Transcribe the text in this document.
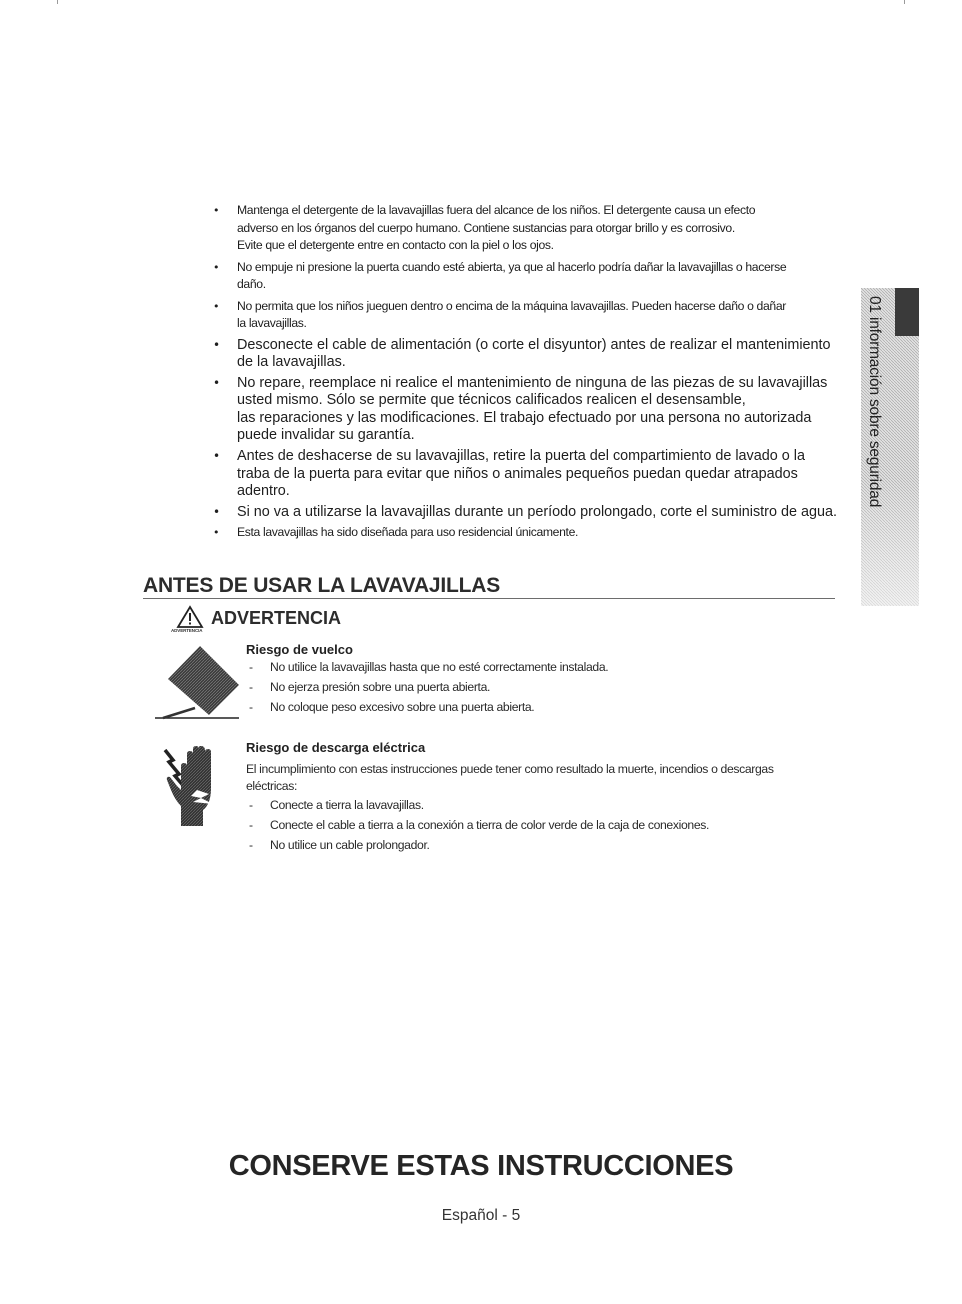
• Mantenga el detergente de la lavavajillas fuera del alcance de los niños. El detergente causa un efecto
adverso en los órganos del cuerpo humano. Contiene sustancias para otorgar brillo y es corrosivo.
Evite que el detergente entre en contacto con la piel o los ojos.
• No empuje ni presione la puerta cuando esté abierta, ya que al hacerlo podría dañar la lavavajillas o hacerse
daño.
• No permita que los niños jueguen dentro o encima de la máquina lavavajillas. Pueden hacerse daño o dañar
la lavavajillas.
• Desconecte el cable de alimentación (o corte el disyuntor) antes de realizar el mantenimiento
de la lavavajillas.
• No repare, reemplace ni realice el mantenimiento de ninguna de las piezas de su lavavajillas
usted mismo. Sólo se permite que técnicos calificados realicen el desensamble,
las reparaciones y las modificaciones. El trabajo efectuado por una persona no autorizada
puede invalidar su garantía.
• Antes de deshacerse de su lavavajillas, retire la puerta del compartimiento de lavado o la
traba de la puerta para evitar que niños o animales pequeños puedan quedar atrapados
adentro.
• Si no va a utilizarse la lavavajillas durante un período prolongado, corte el suministro de agua.
• Esta lavavajillas ha sido diseñada para uso residencial únicamente.
ANTES DE USAR LA LAVAVAJILLAS
ADVERTENCIA
ADVERTENCIA
Riesgo de vuelco
- No utilice la lavavajillas hasta que no esté correctamente instalada.
- No ejerza presión sobre una puerta abierta.
- No coloque peso excesivo sobre una puerta abierta.
Riesgo de descarga eléctrica
El incumplimiento con estas instrucciones puede tener como resultado la muerte, incendios o descargas
eléctricas:
- Conecte a tierra la lavavajillas.
- Conecte el cable a tierra a la conexión a tierra de color verde de la caja de conexiones.
- No utilice un cable prolongador.
01 información sobre seguridad
CONSERVE ESTAS INSTRUCCIONES
Español - 5
